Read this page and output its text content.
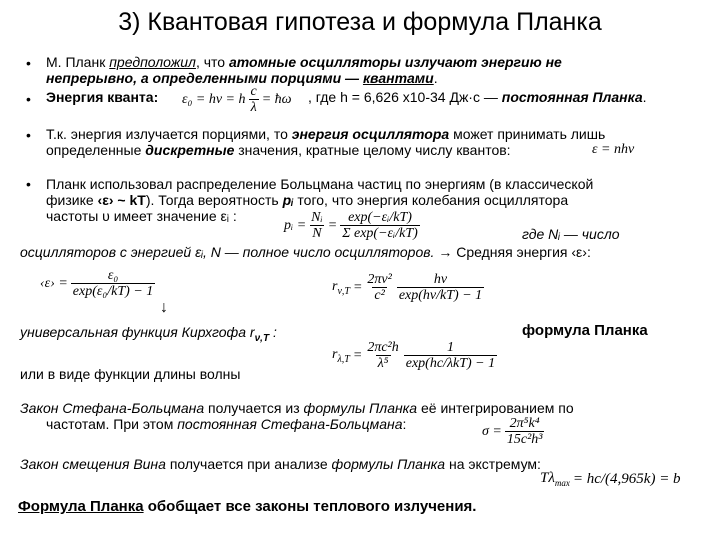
3) Квантовая гипотеза и формула Планка
• М. Планк предположил, что атомные осцилляторы излучают энергию не
непрерывно, а определенными порциями — квантами.
• Энергия кванта: ε₀ = hν = h $\frac{c}{\lambda}$ = ħω , где h = 6,626 х10-34 Дж·с — постоянная Планка.
• Т.к. энергия излучается порциями, то энергия осциллятора может принимать лишь
определенные дискретные значения, кратные целому числу квантов:	ε = nhν
• Планк использовал распределение Больцмана частиц по энергиям (в классической
физике ‹ε› ~ kT). Тогда вероятность pᵢ того, что энергия колебания осциллятора
частоты υ имеет значение εᵢ :
pᵢ = $\frac{\text{Nᵢ}}{N} = \frac{\text{exp(−εᵢ/kT)}}{\text{Σ exp(−εᵢ/kT)}}$	где Nᵢ — число
осцилляторов с энергией εᵢ, N — полное число осцилляторов. → Средняя энергия ‹ε›:
‹ε› = $\frac{\text{ε₀}}{\text{exp(ε₀/kT) − 1}}$	$r_{\nu,T} = \frac{\text{2πν²}}{\text{c²}} \frac{h\nu}{\exp(h\nu/kT) - 1}$
↓
универсальная функция Кирхгофа $r_{\nu,T}$ :	формула Планка
$r_{\lambda,T} = \frac{\text{2πc²h}}{\text{λ⁵}} \frac{1}{\text{exp(hc/λkT) − 1}}$
или в виде функции длины волны
Закон Стефана-Больцмана получается из формулы Планка её интегрированием по
частотам. При этом постоянная Стефана-Больцмана:	$\sigma = \frac{\text{2π⁵k⁴}}{\text{15c²h³}}$
Закон смещения Вина получается при анализе формулы Планка на экстремум:
$T\lambda_{max} = hc/(4,965k) = b$
Формула Планка обобщает все законы теплового излучения.
